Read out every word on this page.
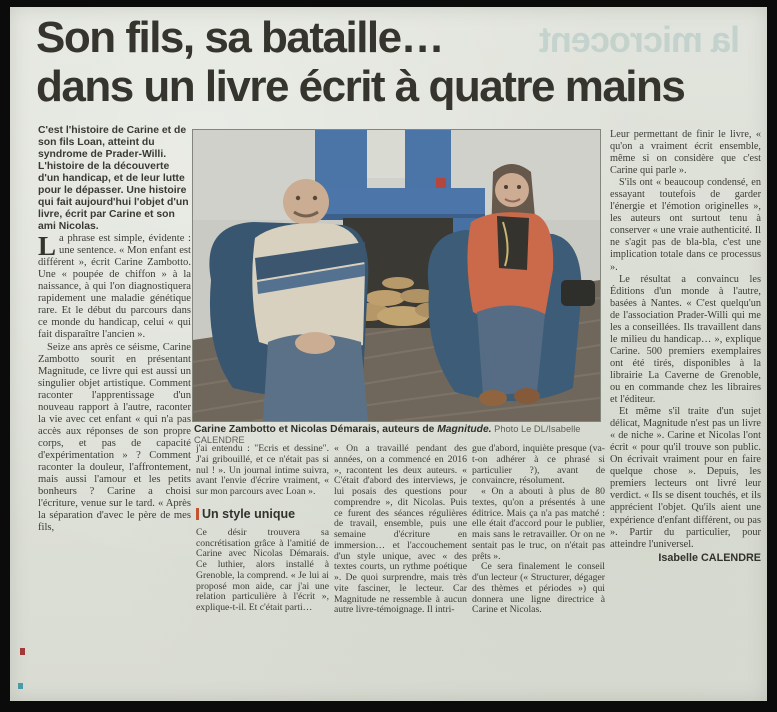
la microcent
Son fils, sa bataille…
dans un livre écrit à quatre mains

C'est l'histoire de Carine et de son fils Loan, atteint du syndrome de Prader-Willi. L'histoire de la découverte d'un handicap, et de leur lutte pour le dépasser. Une histoire qui fait aujourd'hui l'objet d'un livre, écrit par Carine et son ami Nicolas.

La phrase est simple, évidente : une sentence. « Mon enfant est différent », écrit Carine Zambotto. Une « poupée de chiffon » à la naissance, à qui l'on diagnostiquera rapidement une maladie génétique rare. Et le début du parcours dans ce monde du handicap, celui « qui fait disparaître l'ancien ».

Seize ans après ce séisme, Carine Zambotto sourit en présentant Magnitude, ce livre qui est aussi un singulier objet artistique. Comment raconter l'apprentissage d'un nouveau rapport à l'autre, raconter la vie avec cet enfant « qui n'a pas accès aux réponses de son propre corps, et pas de capacité d'expérimentation » ? Comment raconter la douleur, l'affrontement, mais aussi l'amour et les petits bonheurs ? Carine a choisi l'écriture, venue sur le tard. « Après la séparation d'avec le père de mes fils,

Carine Zambotto et Nicolas Démarais, auteurs de Magnitude. Photo Le DL/Isabelle CALENDRE

j'ai entendu : "Écris et dessine". J'ai gribouillé, et ce n'était pas si nul ! ». Un journal intime suivra, avant l'envie d'écrire vraiment, « sur mon parcours avec Loan ».

Un style unique

Ce désir trouvera sa concrétisation grâce à l'amitié de Carine avec Nicolas Démarais. Ce luthier, alors installé à Grenoble, la comprend. « Je lui ai proposé mon aide, car j'ai une relation particulière à l'écrit », explique-t-il. Et c'était parti…

« On a travaillé pendant des années, on a commencé en 2016 », racontent les deux auteurs. « C'était d'abord des interviews, je lui posais des questions pour comprendre », dit Nicolas. Puis ce furent des séances régulières de travail, ensemble, puis une semaine d'écriture en immersion… et l'accouchement d'un style unique, avec « des textes courts, un rythme poétique ». De quoi surprendre, mais très vite fasciner, le lecteur. Car Magnitude ne ressemble à aucun autre livre-témoignage. Il intri-

gue d'abord, inquiète presque (va-t-on adhérer à ce phrasé si particulier ?), avant de convaincre, résolument.

« On a abouti à plus de 80 textes, qu'on a présentés à une éditrice. Mais ça n'a pas matché : elle était d'accord pour le publier, mais sans le retravailler. Or on ne sentait pas le truc, on n'était pas prêts ».

Ce sera finalement le conseil d'un lecteur (« Structurer, dégager des thèmes et périodes ») qui donnera une ligne directrice à Carine et Nicolas.

Leur permettant de finir le livre, « qu'on a vraiment écrit ensemble, même si on considère que c'est Carine qui parle ».

S'ils ont « beaucoup condensé, en essayant toutefois de garder l'énergie et l'émotion originelles », les auteurs ont surtout tenu à conserver « une vraie authenticité. Il ne s'agit pas de bla-bla, c'est une implication totale dans ce processus ».

Le résultat a convaincu les Éditions d'un monde à l'autre, basées à Nantes. « C'est quelqu'un de l'association Prader-Willi qui me les a conseillées. Ils travaillent dans le milieu du handicap… », explique Carine. 500 premiers exemplaires ont été tirés, disponibles à la librairie La Caverne de Grenoble, ou en commande chez les libraires et l'éditeur.

Et même s'il traite d'un sujet délicat, Magnitude n'est pas un livre « de niche ». Carine et Nicolas l'ont écrit « pour qu'il trouve son public. On écrivait vraiment pour en faire quelque chose ». Depuis, les premiers lecteurs ont livré leur verdict. « Ils se disent touchés, et ils apprécient l'objet. Qu'ils aient une expérience d'enfant différent, ou pas ». Partir du particulier, pour atteindre l'universel.

Isabelle CALENDRE
